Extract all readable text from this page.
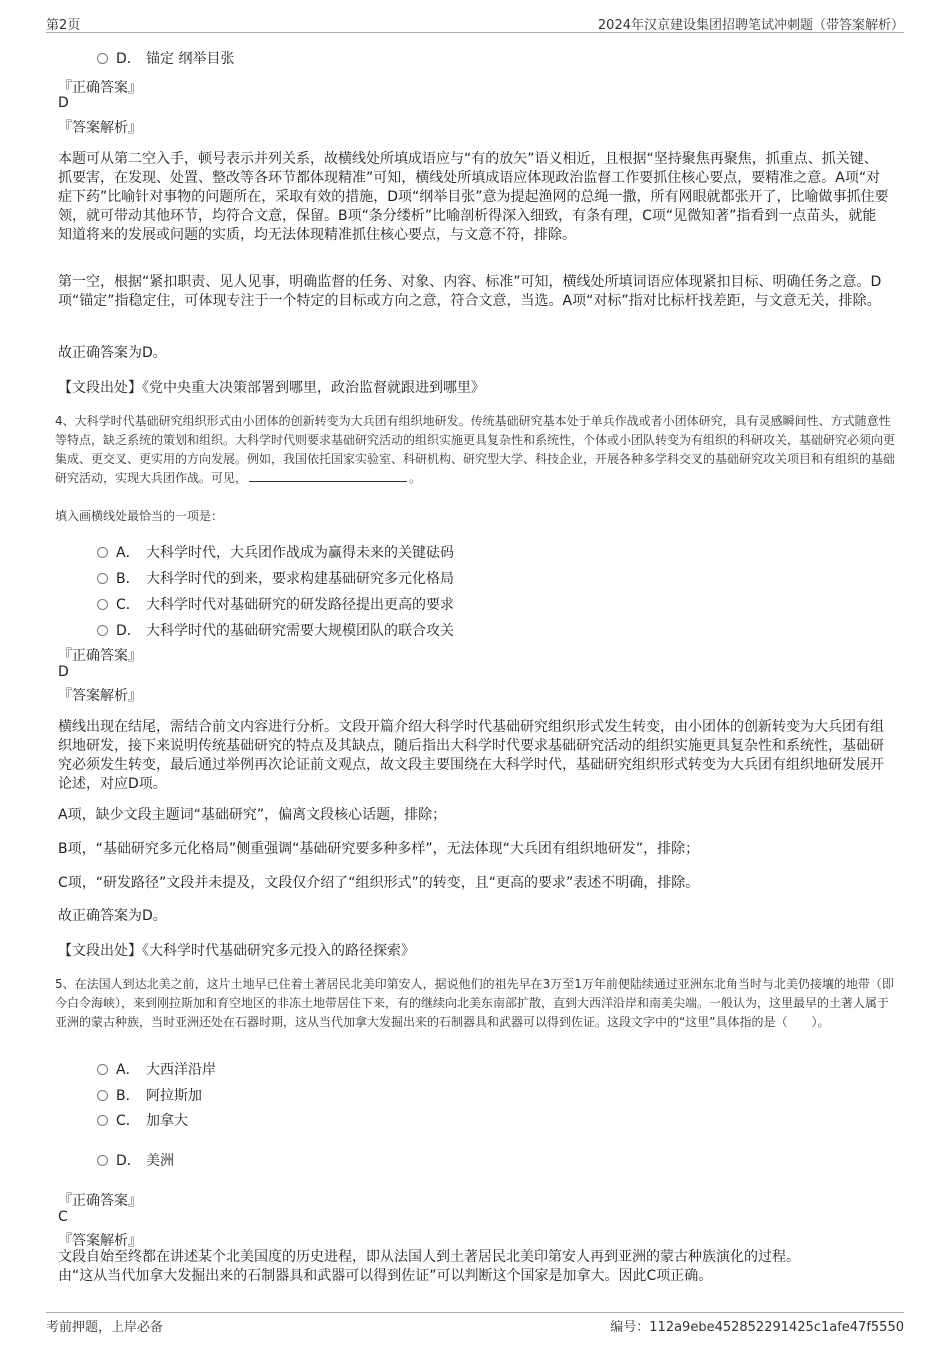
第2页	2024年汉京建设集团招聘笔试冲刺题（带答案解析）
D． 锚定 纲举目张
『正确答案』
D
『答案解析』
本题可从第二空入手，顿号表示并列关系，故横线处所填成语应与“有的放矢”语义相近，且根据“坚持聚焦再聚焦，抓重点、抓关键、抓要害，在发现、处置、整改等各环节都体现精准”可知，横线处所填成语应体现政治监督工作要抓住核心要点，要精准之意。A项“对症下药”比喻针对事物的问题所在，采取有效的措施，D项“纲举目张”意为提起渔网的总绳一撒，所有网眼就都张开了，比喻做事抓住要领，就可带动其他环节，均符合文意，保留。B项“条分缕析”比喻剖析得深入细致，有条有理，C项“见微知著”指看到一点苗头，就能知道将来的发展或问题的实质，均无法体现精准抓住核心要点，与文意不符，排除。
第一空，根据“紧扣职责、见人见事，明确监督的任务、对象、内容、标准”可知，横线处所填词语应体现紧扣目标、明确任务之意。D项“锚定”指稳定住，可体现专注于一个特定的目标或方向之意，符合文意，当选。A项“对标”指对比标杆找差距，与文意无关，排除。
故正确答案为D。
【文段出处】《党中央重大决策部署到哪里，政治监督就跟进到哪里》
4、大科学时代基础研究组织形式由小团体的创新转变为大兵团有组织地研发。传统基础研究基本处于单兵作战或者小团体研究，具有灵感瞬间性、方式随意性等特点，缺乏系统的策划和组织。大科学时代则要求基础研究活动的组织实施更具复杂性和系统性，个体或小团队转变为有组织的科研攻关，基础研究必须向更集成、更交叉、更实用的方向发展。例如，我国依托国家实验室、科研机构、研究型大学、科技企业，开展各种多学科交叉的基础研究攻关项目和有组织的基础研究活动，实现大兵团作战。可见，	。
填入画横线处最恰当的一项是：
A． 大科学时代，大兵团作战成为赢得未来的关键砝码
B． 大科学时代的到来，要求构建基础研究多元化格局
C． 大科学时代对基础研究的研发路径提出更高的要求
D． 大科学时代的基础研究需要大规模团队的联合攻关
『正确答案』
D
『答案解析』
横线出现在结尾，需结合前文内容进行分析。文段开篇介绍大科学时代基础研究组织形式发生转变，由小团体的创新转变为大兵团有组织地研发，接下来说明传统基础研究的特点及其缺点，随后指出大科学时代要求基础研究活动的组织实施更具复杂性和系统性，基础研究必须发生转变，最后通过举例再次论证前文观点，故文段主要围绕在大科学时代，基础研究组织形式转变为大兵团有组织地研发展开论述，对应D项。
A项，缺少文段主题词“基础研究”，偏离文段核心话题，排除；
B项，“基础研究多元化格局”侧重强调“基础研究要多种多样”，无法体现“大兵团有组织地研发”，排除；
C项，“研发路径”文段并未提及，文段仅介绍了“组织形式”的转变，且“更高的要求”表述不明确，排除。
故正确答案为D。
【文段出处】《大科学时代基础研究多元投入的路径探索》
5、在法国人到达北美之前，这片土地早已住着土著居民北美印第安人，据说他们的祖先早在3万至1万年前便陆续通过亚洲东北角当时与北美仍接壤的地带（即今白令海峡），来到刚拉斯加和育空地区的非冻土地带居住下来，有的继续向北美东南部扩散，直到大西洋沿岸和南美尖端。一般认为，这里最早的土著人属于亚洲的蒙古种族，当时亚洲还处在石器时期，这从当代加拿大发掘出来的石制器具和武器可以得到佐证。这段文字中的“这里”具体指的是（　　）。
A． 大西洋沿岸
B． 阿拉斯加
C． 加拿大
D． 美洲
『正确答案』
C
『答案解析』
文段自始至终都在讲述某个北美国度的历史进程，即从法国人到土著居民北美印第安人再到亚洲的蒙古种族演化的过程。
由“这从当代加拿大发掘出来的石制器具和武器可以得到佐证”可以判断这个国家是加拿大。因此C项正确。
考前押题，上岸必备	编号：112a9ebe452852291425c1afe47f5550
